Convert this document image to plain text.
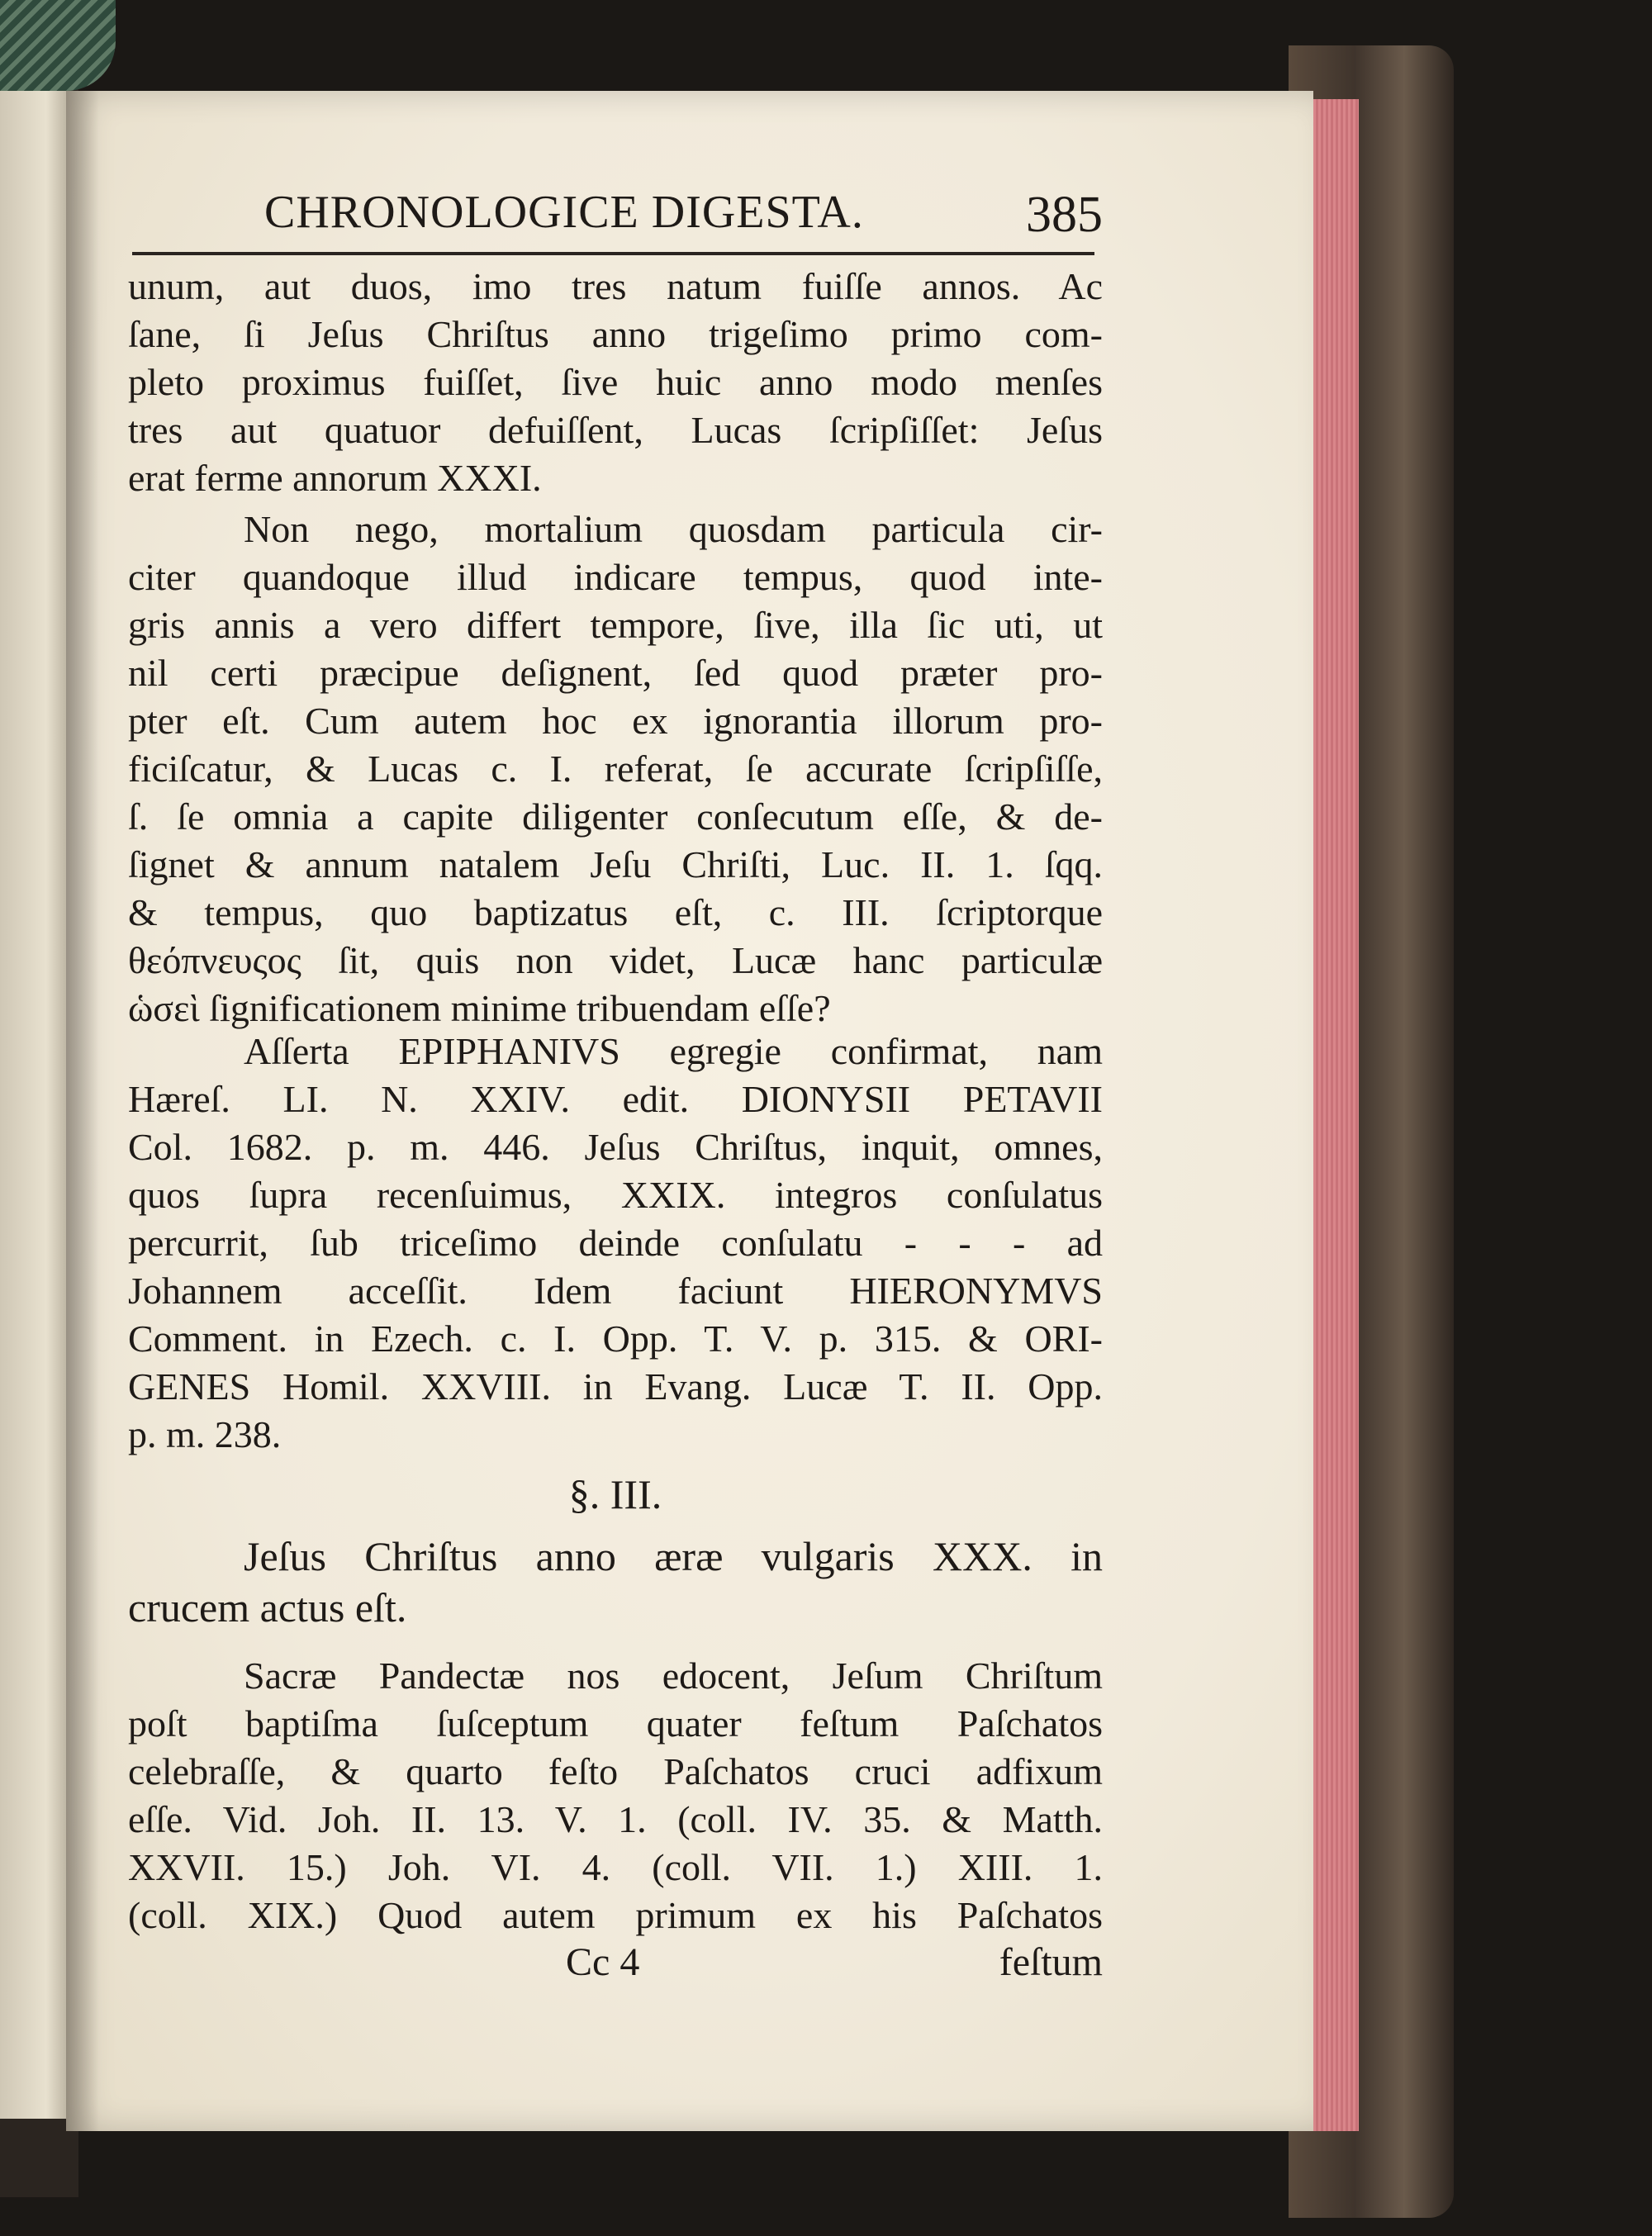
CHRONOLOGICE DIGESTA.	385
unum, aut duos, imo tres natum fuiſſe annos. Ac
ſane, ſi Jeſus Chriſtus anno trigeſimo primo com-
pleto proximus fuiſſet, ſive huic anno modo menſes
tres aut quatuor defuiſſent, Lucas ſcripſiſſet: Jeſus
erat ferme annorum XXXI.
Non nego, mortalium quosdam particula cir-
citer quandoque illud indicare tempus, quod inte-
gris annis a vero differt tempore, ſive, illa ſic uti, ut
nil certi præcipue deſignent, ſed quod præter pro-
pter eſt. Cum autem hoc ex ignorantia illorum pro-
ficiſcatur, & Lucas c. I. referat, ſe accurate ſcripſiſſe,
ſ. ſe omnia a capite diligenter conſecutum eſſe, & de-
ſignet & annum natalem Jeſu Chriſti, Luc. II. 1. ſqq.
& tempus, quo baptizatus eſt, c. III. ſcriptorque
θεόπνευςος ſit, quis non videt, Lucæ hanc particulæ
ὡσεὶ ſignificationem minime tribuendam eſſe?
Aſſerta EPIPHANIVS egregie confirmat, nam
Hæreſ. LI. N. XXIV. edit. DIONYSII PETAVII
Col. 1682. p. m. 446. Jeſus Chriſtus, inquit, omnes,
quos ſupra recenſuimus, XXIX. integros conſulatus
percurrit, ſub triceſimo deinde conſulatu - - - ad
Johannem acceſſit. Idem faciunt HIERONYMVS
Comment. in Ezech. c. I. Opp. T. V. p. 315. & ORI-
GENES Homil. XXVIII. in Evang. Lucæ T. II. Opp.
p. m. 238.
§. III.
Jeſus Chriſtus anno æræ vulgaris XXX. in
crucem actus eſt.
Sacræ Pandectæ nos edocent, Jeſum Chriſtum
poſt baptiſma ſuſceptum quater feſtum Paſchatos
celebraſſe, & quarto feſto Paſchatos cruci adfixum
eſſe. Vid. Joh. II. 13. V. 1. (coll. IV. 35. & Matth.
XXVII. 15.) Joh. VI. 4. (coll. VII. 1.) XIII. 1.
(coll. XIX.) Quod autem primum ex his Paſchatos
Cc 4	feſtum
